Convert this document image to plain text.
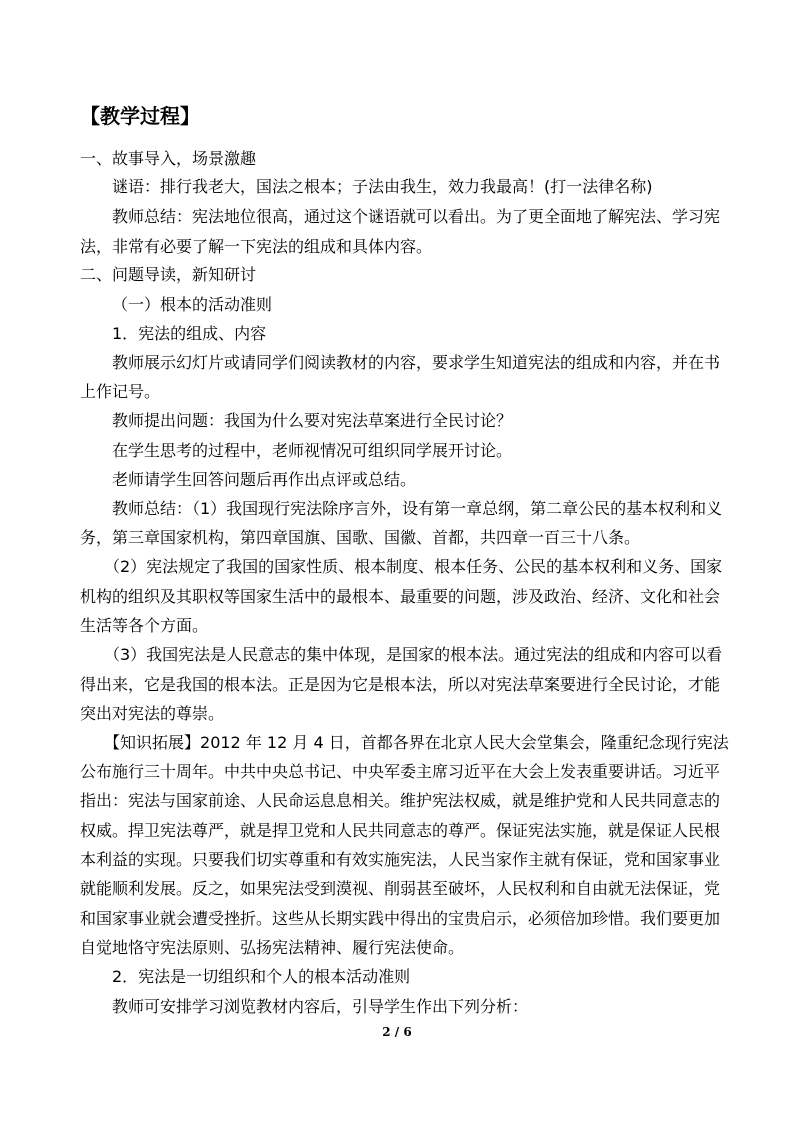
【教学过程】
一、故事导入，场景激趣
谜语：排行我老大，国法之根本；子法由我生，效力我最高！(打一法律名称)
教师总结：宪法地位很高，通过这个谜语就可以看出。为了更全面地了解宪法、学习宪
法，非常有必要了解一下宪法的组成和具体内容。
二、问题导读，新知研讨
（一）根本的活动准则
1．宪法的组成、内容
教师展示幻灯片或请同学们阅读教材的内容，要求学生知道宪法的组成和内容，并在书
上作记号。
教师提出问题：我国为什么要对宪法草案进行全民讨论？
在学生思考的过程中，老师视情况可组织同学展开讨论。
老师请学生回答问题后再作出点评或总结。
教师总结：（1）我国现行宪法除序言外，设有第一章总纲，第二章公民的基本权利和义
务，第三章国家机构，第四章国旗、国歌、国徽、首都，共四章一百三十八条。
（2）宪法规定了我国的国家性质、根本制度、根本任务、公民的基本权利和义务、国家
机构的组织及其职权等国家生活中的最根本、最重要的问题，涉及政治、经济、文化和社会
生活等各个方面。
（3）我国宪法是人民意志的集中体现，是国家的根本法。通过宪法的组成和内容可以看
得出来，它是我国的根本法。正是因为它是根本法，所以对宪法草案要进行全民讨论，才能
突出对宪法的尊崇。
【知识拓展】2012 年 12 月 4 日，首都各界在北京人民大会堂集会，隆重纪念现行宪法
公布施行三十周年。中共中央总书记、中央军委主席习近平在大会上发表重要讲话。习近平
指出：宪法与国家前途、人民命运息息相关。维护宪法权威，就是维护党和人民共同意志的
权威。捍卫宪法尊严，就是捍卫党和人民共同意志的尊严。保证宪法实施，就是保证人民根
本利益的实现。只要我们切实尊重和有效实施宪法，人民当家作主就有保证，党和国家事业
就能顺利发展。反之，如果宪法受到漠视、削弱甚至破坏，人民权利和自由就无法保证，党
和国家事业就会遭受挫折。这些从长期实践中得出的宝贵启示，必须倍加珍惜。我们要更加
自觉地恪守宪法原则、弘扬宪法精神、履行宪法使命。
2．宪法是一切组织和个人的根本活动准则
教师可安排学习浏览教材内容后，引导学生作出下列分析：
2 / 6
